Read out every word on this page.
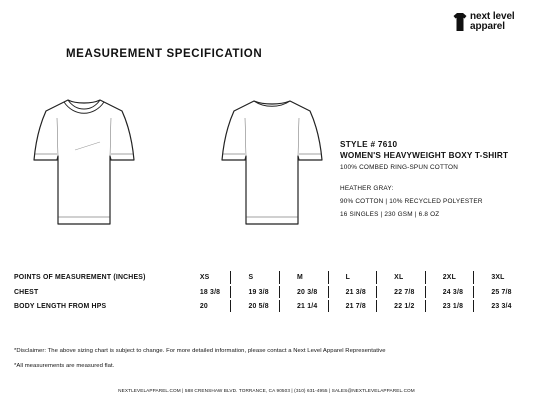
next level
apparel
MEASUREMENT SPECIFICATION
STYLE # 7610
WOMEN'S HEAVYWEIGHT BOXY T-SHIRT
100% COMBED RING-SPUN COTTON
HEATHER GRAY:
90% COTTON | 10% RECYCLED POLYESTER
16 SINGLES | 230 GSM | 6.8 OZ
POINTS OF MEASUREMENT (INCHES)	XS	S	M	L	XL	2XL	3XL
CHEST	18 3/8	19 3/8	20 3/8	21 3/8	22 7/8	24 3/8	25 7/8
BODY LENGTH FROM HPS	20	20 5/8	21 1/4	21 7/8	22 1/2	23 1/8	23 3/4
*Disclaimer: The above sizing chart is subject to change. For more detailed information, please contact a Next Level Apparel Representative
*All measurements are measured flat.
NEXTLEVELAPPAREL.COM | 588 CRENSHAW BLVD. TORRANCE, CA 90503 | (310) 631-4955 | SALES@NEXTLEVELAPPAREL.COM
